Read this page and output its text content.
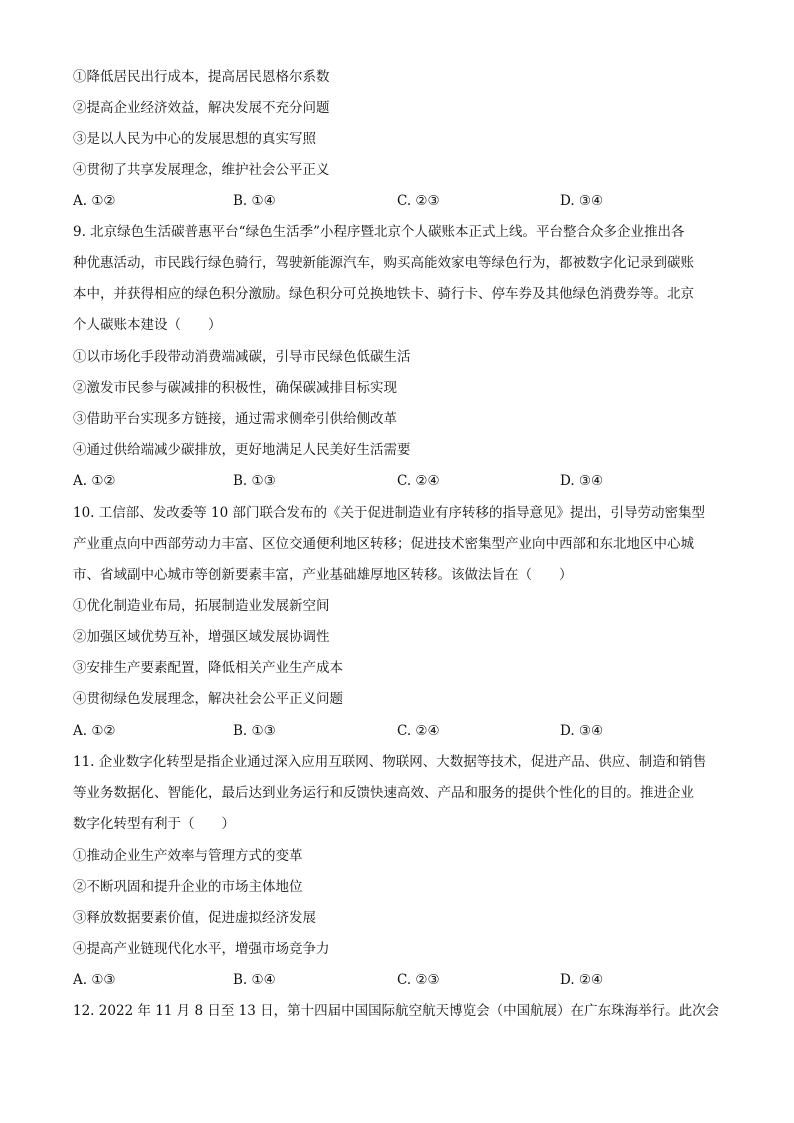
①降低居民出行成本，提高居民恩格尔系数
②提高企业经济效益，解决发展不充分问题
③是以人民为中心的发展思想的真实写照
④贯彻了共享发展理念，维护社会公平正义
A. ①②	B. ①④	C. ②③	D. ③④
9. 北京绿色生活碳普惠平台“绿色生活季”小程序暨北京个人碳账本正式上线。平台整合众多企业推出各
种优惠活动，市民践行绿色骑行，驾驶新能源汽车，购买高能效家电等绿色行为，都被数字化记录到碳账
本中，并获得相应的绿色积分激励。绿色积分可兑换地铁卡、骑行卡、停车券及其他绿色消费券等。北京
个人碳账本建设（　　）
①以市场化手段带动消费端减碳，引导市民绿色低碳生活
②激发市民参与碳减排的积极性，确保碳减排目标实现
③借助平台实现多方链接，通过需求侧牵引供给侧改革
④通过供给端减少碳排放，更好地满足人民美好生活需要
A. ①②	B. ①③	C. ②④	D. ③④
10. 工信部、发改委等 10 部门联合发布的《关于促进制造业有序转移的指导意见》提出，引导劳动密集型
产业重点向中西部劳动力丰富、区位交通便利地区转移；促进技术密集型产业向中西部和东北地区中心城
市、省域副中心城市等创新要素丰富，产业基础雄厚地区转移。该做法旨在（　　）
①优化制造业布局，拓展制造业发展新空间
②加强区域优势互补，增强区域发展协调性
③安排生产要素配置，降低相关产业生产成本
④贯彻绿色发展理念，解决社会公平正义问题
A. ①②	B. ①③	C. ②④	D. ③④
11. 企业数字化转型是指企业通过深入应用互联网、物联网、大数据等技术，促进产品、供应、制造和销售
等业务数据化、智能化，最后达到业务运行和反馈快速高效、产品和服务的提供个性化的目的。推进企业
数字化转型有利于（　　）
①推动企业生产效率与管理方式的变革
②不断巩固和提升企业的市场主体地位
③释放数据要素价值，促进虚拟经济发展
④提高产业链现代化水平，增强市场竞争力
A. ①③	B. ①④	C. ②③	D. ②④
12. 2022 年 11 月 8 日至 13 日，第十四届中国国际航空航天博览会（中国航展）在广东珠海举行。此次会
